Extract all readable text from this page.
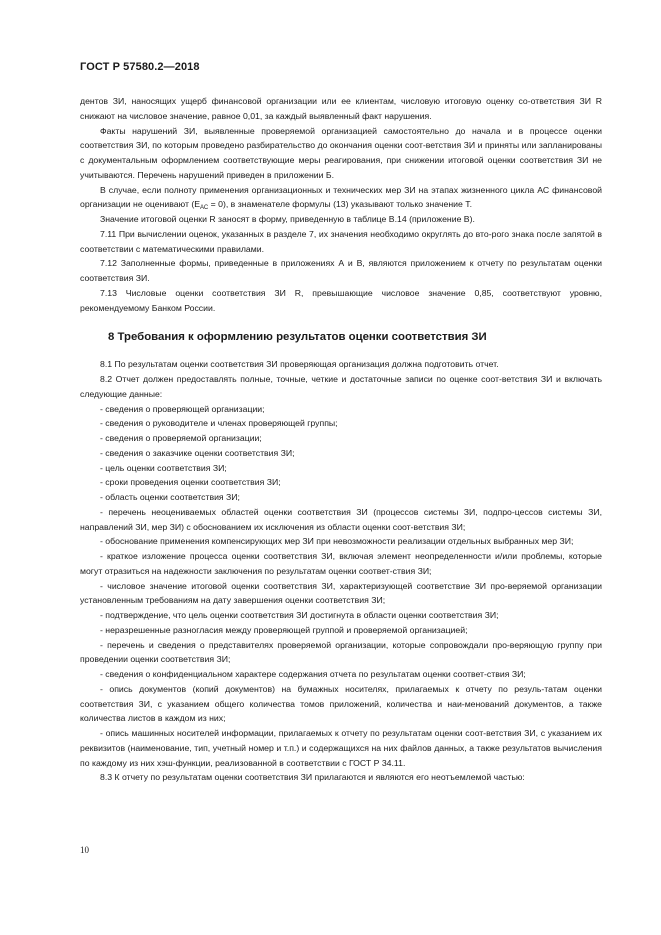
ГОСТ Р 57580.2—2018

дентов ЗИ, наносящих ущерб финансовой организации или ее клиентам, числовую итоговую оценку со-ответствия ЗИ R снижают на числовое значение, равное 0,01, за каждый выявленный факт нарушения.

Факты нарушений ЗИ, выявленные проверяемой организацией самостоятельно до начала и в процессе оценки соответствия ЗИ, по которым проведено разбирательство до окончания оценки соот-ветствия ЗИ и приняты или запланированы с документальным оформлением соответствующие меры реагирования, при снижении итоговой оценки соответствия ЗИ не учитываются. Перечень нарушений приведен в приложении Б.

В случае, если полноту применения организационных и технических мер ЗИ на этапах жизненного цикла АС финансовой организации не оценивают $(E_{АС} = 0)$, в знаменателе формулы (13) указывают только значение T.

Значение итоговой оценки R заносят в форму, приведенную в таблице В.14 (приложение В).

7.11 При вычислении оценок, указанных в разделе 7, их значения необходимо округлять до вто-рого знака после запятой в соответствии с математическими правилами.

7.12 Заполненные формы, приведенные в приложениях А и В, являются приложением к отчету по результатам оценки соответствия ЗИ.

7.13 Числовые оценки соответствия ЗИ R, превышающие числовое значение 0,85, соответствуют уровню, рекомендуемому Банком России.

8 Требования к оформлению результатов оценки соответствия ЗИ

8.1 По результатам оценки соответствия ЗИ проверяющая организация должна подготовить отчет.

8.2 Отчет должен предоставлять полные, точные, четкие и достаточные записи по оценке соот-ветствия ЗИ и включать следующие данные:

- сведения о проверяющей организации;

- сведения о руководителе и членах проверяющей группы;

- сведения о проверяемой организации;

- сведения о заказчике оценки соответствия ЗИ;

- цель оценки соответствия ЗИ;

- сроки проведения оценки соответствия ЗИ;

- область оценки соответствия ЗИ;

- перечень неоцениваемых областей оценки соответствия ЗИ (процессов системы ЗИ, подпро-цессов системы ЗИ, направлений ЗИ, мер ЗИ) с обоснованием их исключения из области оценки соот-ветствия ЗИ;

- обоснование применения компенсирующих мер ЗИ при невозможности реализации отдельных выбранных мер ЗИ;

- краткое изложение процесса оценки соответствия ЗИ, включая элемент неопределенности и/или проблемы, которые могут отразиться на надежности заключения по результатам оценки соответ-ствия ЗИ;

- числовое значение итоговой оценки соответствия ЗИ, характеризующей соответствие ЗИ про-веряемой организации установленным требованиям на дату завершения оценки соответствия ЗИ;

- подтверждение, что цель оценки соответствия ЗИ достигнута в области оценки соответствия ЗИ;

- неразрешенные разногласия между проверяющей группой и проверяемой организацией;

- перечень и сведения о представителях проверяемой организации, которые сопровождали про-веряющую группу при проведении оценки соответствия ЗИ;

- сведения о конфиденциальном характере содержания отчета по результатам оценки соответ-ствия ЗИ;

- опись документов (копий документов) на бумажных носителях, прилагаемых к отчету по резуль-татам оценки соответствия ЗИ, с указанием общего количества томов приложений, количества и наи-менований документов, а также количества листов в каждом из них;

- опись машинных носителей информации, прилагаемых к отчету по результатам оценки соот-ветствия ЗИ, с указанием их реквизитов (наименование, тип, учетный номер и т.п.) и содержащихся на них файлов данных, а также результатов вычисления по каждому из них хэш-функции, реализованной в соответствии с ГОСТ Р 34.11.

8.3 К отчету по результатам оценки соответствия ЗИ прилагаются и являются его неотъемлемой частью:

10
